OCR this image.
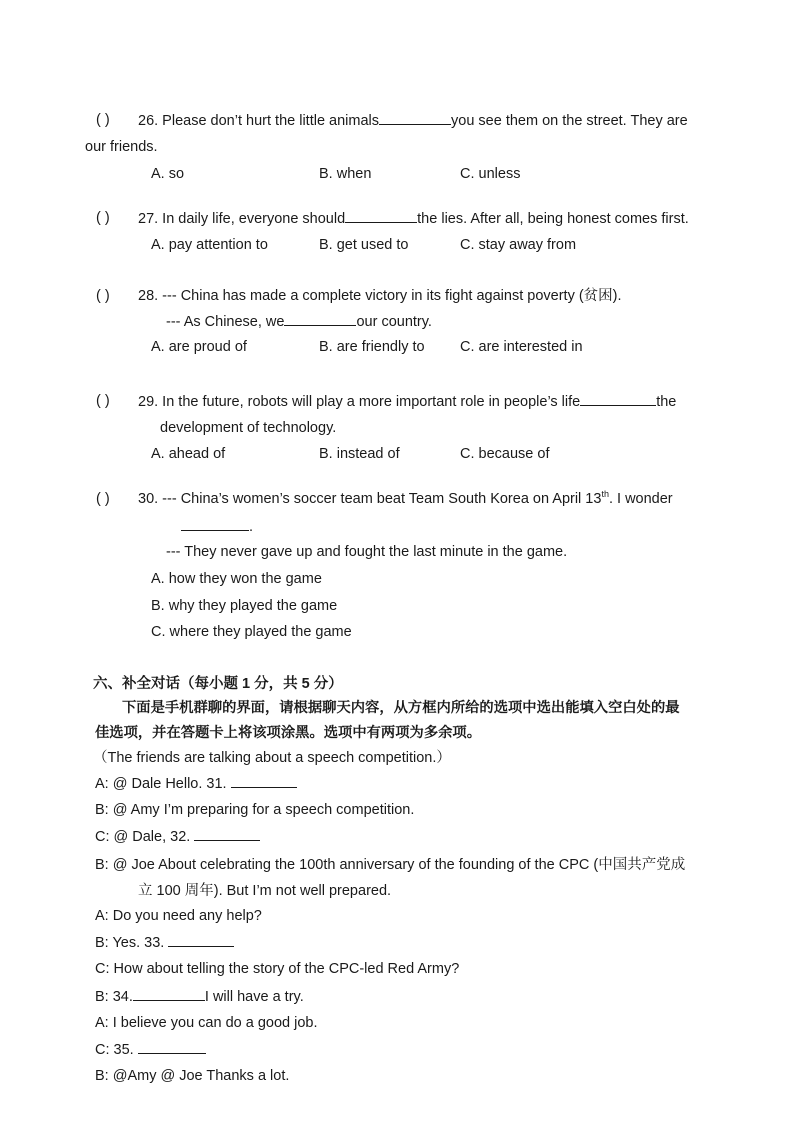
( ) 26. Please don’t hurt the little animals	you see them on the street. They are
our friends.
A. so	B. when	C. unless
( ) 27. In daily life, everyone should	the lies. After all, being honest comes first.
A. pay attention to	B. get used to	C. stay away from
( ) 28. --- China has made a complete victory in its fight against poverty (贫困).
--- As Chinese, we	our country.
A. are proud of	B. are friendly to C. are interested in
( ) 29. In the future, robots will play a more important role in people’s life	the
development of technology.
A. ahead of	B. instead of	C. because of
( ) 30. --- China’s women’s soccer team beat Team South Korea on April 13th. I wonder
.
--- They never gave up and fought the last minute in the game.
A. how they won the game
B. why they played the game
C. where they played the game
六、补全对话（每小题 1 分，共 5 分）
下面是手机群聊的界面，请根据聊天内容，从方框内所给的选项中选出能填入空白处的最
佳选项，并在答题卡上将该项涂黑。选项中有两项为多余项。
（The friends are talking about a speech competition.）
A: @ Dale Hello. 31.
B: @ Amy I’m preparing for a speech competition.
C: @ Dale, 32.
B: @ Joe About celebrating the 100th anniversary of the founding of the CPC (中国共产党成
立 100 周年). But I’m not well prepared.
A: Do you need any help?
B: Yes. 33.
C: How about telling the story of the CPC-led Red Army?
B: 34.	I will have a try.
A: I believe you can do a good job.
C: 35.
B: @Amy @ Joe Thanks a lot.
